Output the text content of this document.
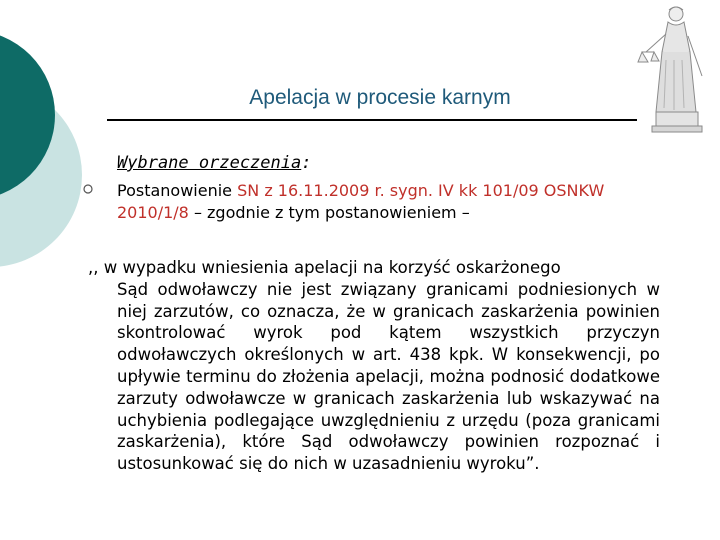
Apelacja w procesie karnym
Wybrane orzeczenia:
Postanowienie SN z 16.11.2009 r. sygn. IV kk 101/09 OSNKW 2010/1/8 – zgodnie z tym postanowieniem –
,, w wypadku wniesienia apelacji na korzyść oskarżonego
Sąd odwoławczy nie jest związany granicami podniesionych w niej zarzutów, co oznacza, że w granicach zaskarżenia powinien skontrolować wyrok pod kątem wszystkich przyczyn odwoławczych określonych w art. 438 kpk. W konsekwencji, po upływie terminu do złożenia apelacji, można podnosić dodatkowe zarzuty odwoławcze w granicach zaskarżenia lub wskazywać na uchybienia podlegające uwzględnieniu z urzędu (poza granicami zaskarżenia), które Sąd odwoławczy powinien rozpoznać i ustosunkować się do nich w uzasadnieniu wyroku”.
